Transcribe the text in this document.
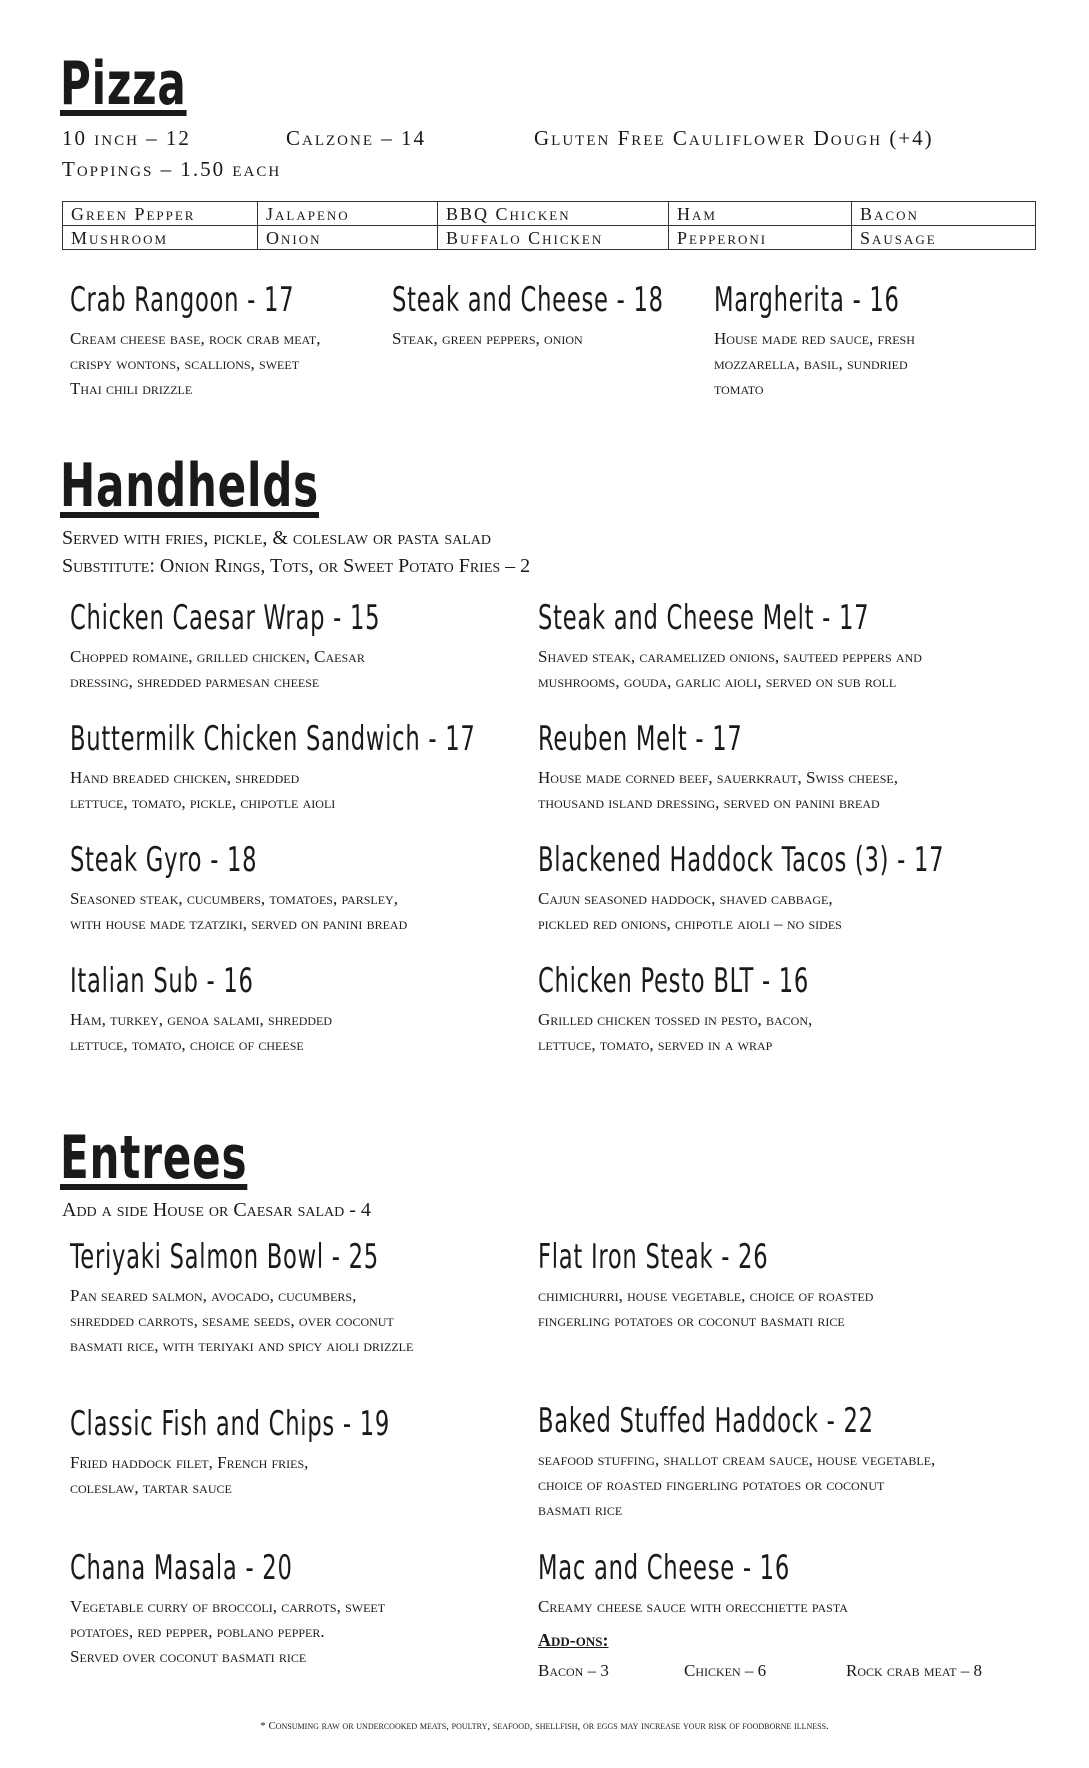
Pizza
10 inch – 12	Calzone – 14	Gluten Free Cauliflower Dough (+4)
Toppings – 1.50 each
Green Pepper	Jalapeno	BBQ Chicken	Ham	Bacon
Mushroom	Onion	Buffalo Chicken	Pepperoni	Sausage
Crab Rangoon - 17

Cream cheese base, rock crab meat,
crispy wontons, scallions, sweet
Thai chili drizzle

Steak and Cheese - 18

Steak, green peppers, onion

Margherita - 16

House made red sauce, fresh
mozzarella, basil, sundried
tomato

Handhelds
Served with fries, pickle, & coleslaw or pasta salad
Substitute: Onion Rings, Tots, or Sweet Potato Fries – 2
Chicken Caesar Wrap - 15

Chopped romaine, grilled chicken, Caesar
dressing, shredded parmesan cheese

Steak and Cheese Melt - 17

Shaved steak, caramelized onions, sauteed peppers and
mushrooms, gouda, garlic aioli, served on sub roll

Buttermilk Chicken Sandwich - 17

Hand breaded chicken, shredded
lettuce, tomato, pickle, chipotle aioli

Reuben Melt - 17

House made corned beef, sauerkraut, Swiss cheese,
thousand island dressing, served on panini bread

Steak Gyro - 18

Seasoned steak, cucumbers, tomatoes, parsley,
with house made tzatziki, served on panini bread

Blackened Haddock Tacos (3) - 17

Cajun seasoned haddock, shaved cabbage,
pickled red onions, chipotle aioli – no sides

Italian Sub - 16

Ham, turkey, genoa salami, shredded
lettuce, tomato, choice of cheese

Chicken Pesto BLT - 16

Grilled chicken tossed in pesto, bacon,
lettuce, tomato, served in a wrap

Entrees
Add a side House or Caesar salad - 4
Teriyaki Salmon Bowl - 25

Pan seared salmon, avocado, cucumbers,
shredded carrots, sesame seeds, over coconut
basmati rice, with teriyaki and spicy aioli drizzle

Flat Iron Steak - 26

chimichurri, house vegetable, choice of roasted
fingerling potatoes or coconut basmati rice

Classic Fish and Chips - 19

Fried haddock filet, French fries,
coleslaw, tartar sauce

Baked Stuffed Haddock - 22

seafood stuffing, shallot cream sauce, house vegetable,
choice of roasted fingerling potatoes or coconut
basmati rice

Chana Masala - 20

Vegetable curry of broccoli, carrots, sweet
potatoes, red pepper, poblano pepper.
Served over coconut basmati rice

Mac and Cheese - 16

Creamy cheese sauce with orecchiette pasta

Add-ons:
Bacon – 3	Chicken – 6	Rock crab meat – 8
* Consuming raw or undercooked meats, poultry, seafood, shellfish, or eggs may increase your risk of foodborne illness.
